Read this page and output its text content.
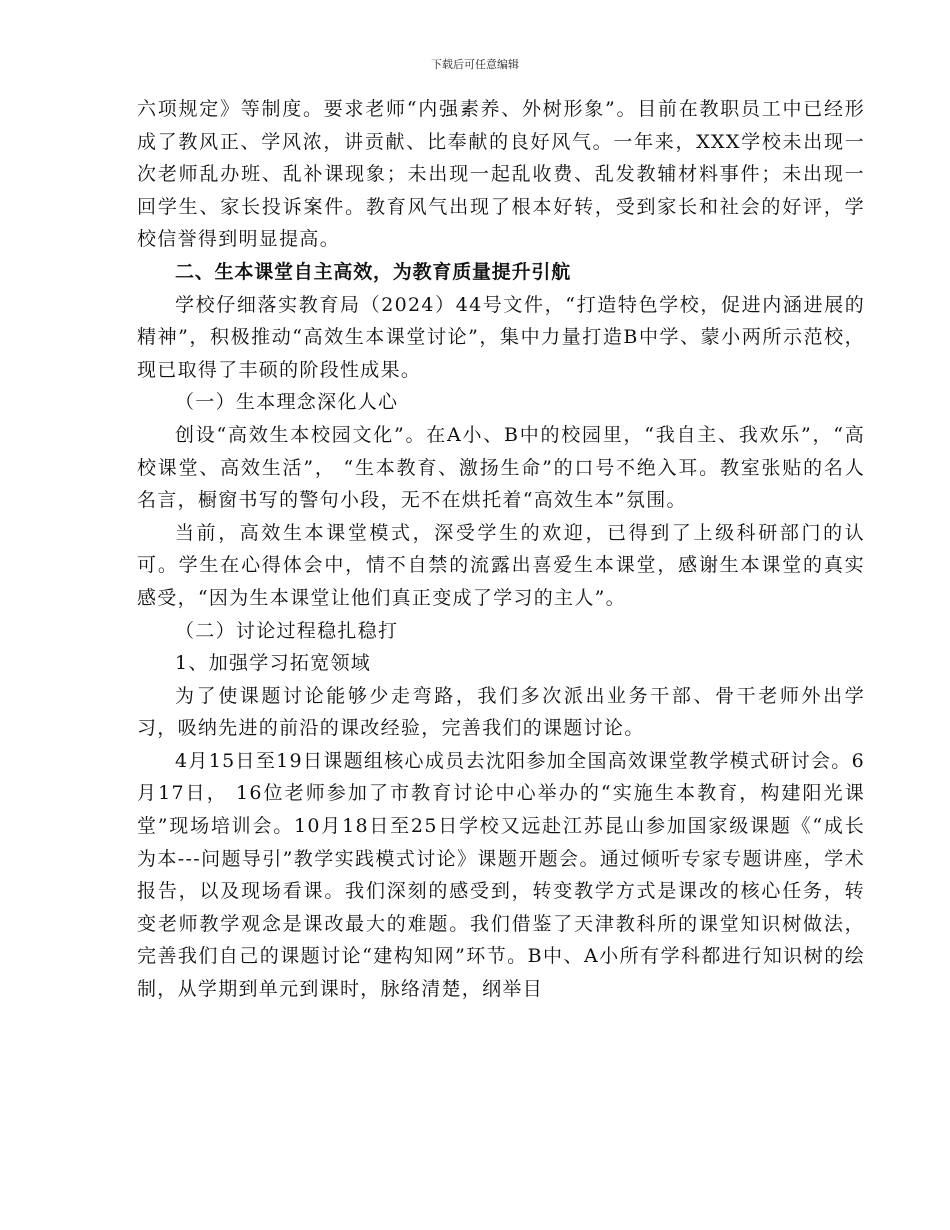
下载后可任意编辑

六项规定》等制度。要求老师“内强素养、外树形象”。目前在教职员工中已经形成了教风正、学风浓，讲贡献、比奉献的良好风气。一年来，XXX学校未出现一次老师乱办班、乱补课现象；未出现一起乱收费、乱发教辅材料事件；未出现一回学生、家长投诉案件。教育风气出现了根本好转，受到家长和社会的好评，学校信誉得到明显提高。

二、生本课堂自主高效，为教育质量提升引航

学校仔细落实教育局（2024）44号文件，“打造特色学校，促进内涵进展的精神”，积极推动“高效生本课堂讨论”，集中力量打造B中学、蒙小两所示范校，现已取得了丰硕的阶段性成果。

（一）生本理念深化人心

创设“高效生本校园文化”。在A小、B中的校园里，“我自主、我欢乐”，“高校课堂、高效生活”， “生本教育、激扬生命”的口号不绝入耳。教室张贴的名人名言，橱窗书写的警句小段，无不在烘托着“高效生本”氛围。

当前，高效生本课堂模式，深受学生的欢迎，已得到了上级科研部门的认可。学生在心得体会中，情不自禁的流露出喜爱生本课堂，感谢生本课堂的真实感受，“因为生本课堂让他们真正变成了学习的主人”。

（二）讨论过程稳扎稳打

1、加强学习拓宽领域

为了使课题讨论能够少走弯路，我们多次派出业务干部、骨干老师外出学习，吸纳先进的前沿的课改经验，完善我们的课题讨论。

4月15日至19日课题组核心成员去沈阳参加全国高效课堂教学模式研讨会。6月17日， 16位老师参加了市教育讨论中心举办的“实施生本教育，构建阳光课堂”现场培训会。10月18日至25日学校又远赴江苏昆山参加国家级课题《“成长为本---问题导引”教学实践模式讨论》课题开题会。通过倾听专家专题讲座，学术报告，以及现场看课。我们深刻的感受到，转变教学方式是课改的核心任务，转变老师教学观念是课改最大的难题。我们借鉴了天津教科所的课堂知识树做法，完善我们自己的课题讨论“建构知网”环节。B中、A小所有学科都进行知识树的绘制，从学期到单元到课时，脉络清楚，纲举目
